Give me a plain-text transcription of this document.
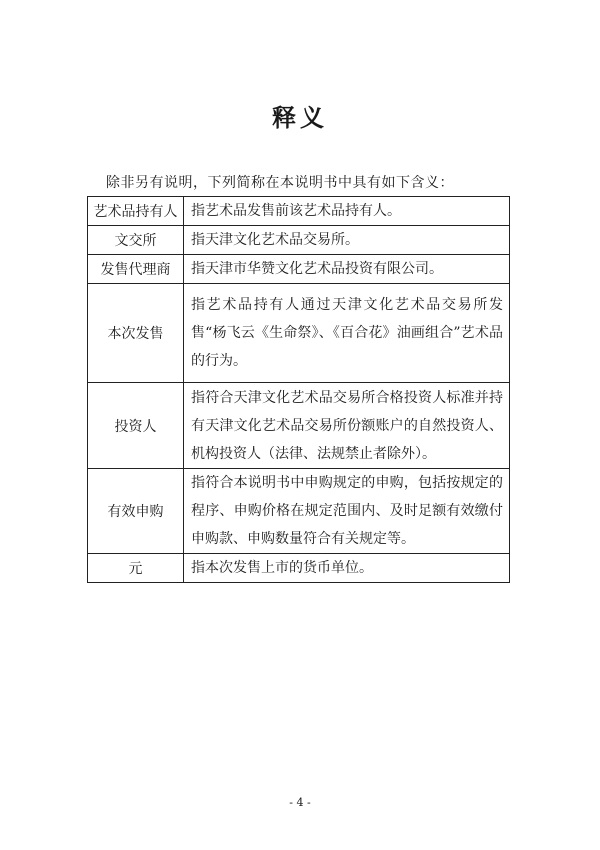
释义
除非另有说明，下列简称在本说明书中具有如下含义：
艺术品持有人	指艺术品发售前该艺术品持有人。
文交所	指天津文化艺术品交易所。
发售代理商	指天津市华赞文化艺术品投资有限公司。
本次发售	指艺术品持有人通过天津文化艺术品交易所发售“杨飞云《生命祭》、《百合花》油画组合”艺术品的行为。
投资人	指符合天津文化艺术品交易所合格投资人标准并持有天津文化艺术品交易所份额账户的自然投资人、机构投资人（法律、法规禁止者除外）。
有效申购	指符合本说明书中申购规定的申购，包括按规定的程序、申购价格在规定范围内、及时足额有效缴付申购款、申购数量符合有关规定等。
元	指本次发售上市的货币单位。
- 4 -
